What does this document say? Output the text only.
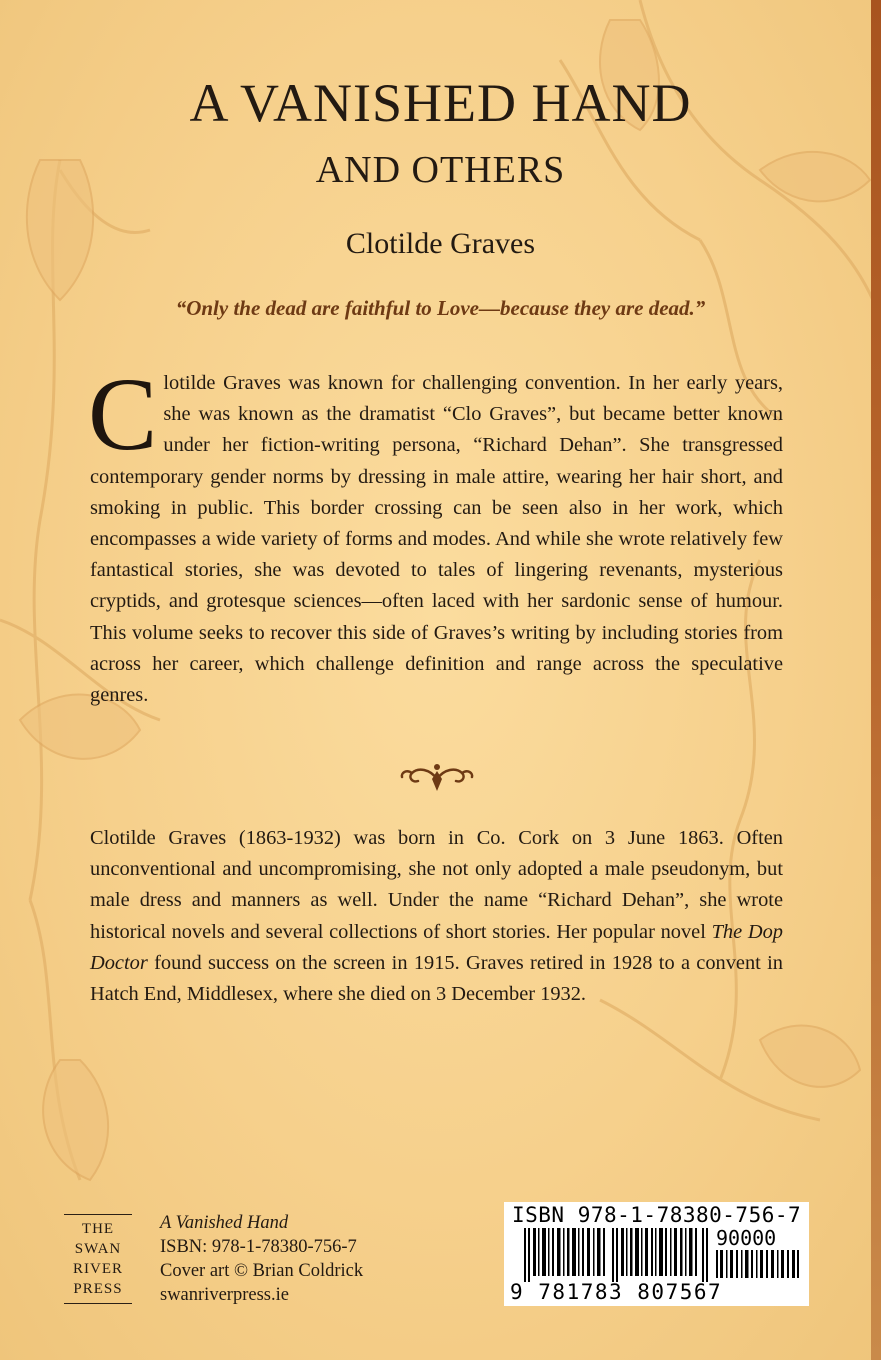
A VANISHED HAND
AND OTHERS
Clotilde Graves
“Only the dead are faithful to Love—because they are dead.”
Clotilde Graves was known for challenging convention. In her early years, she was known as the dramatist “Clo Graves”, but became better known under her fiction-writing persona, “Richard Dehan”. She transgressed contemporary gender norms by dressing in male attire, wearing her hair short, and smoking in public. This border crossing can be seen also in her work, which encompasses a wide variety of forms and modes. And while she wrote relatively few fantastical stories, she was devoted to tales of lingering revenants, mysterious cryptids, and grotesque sciences—often laced with her sardonic sense of humour. This volume seeks to recover this side of Graves’s writing by including stories from across her career, which challenge definition and range across the speculative genres.
Clotilde Graves (1863-1932) was born in Co. Cork on 3 June 1863. Often unconventional and uncompromising, she not only adopted a male pseudonym, but male dress and manners as well. Under the name “Richard Dehan”, she wrote historical novels and several collections of short stories. Her popular novel The Dop Doctor found success on the screen in 1915. Graves retired in 1928 to a convent in Hatch End, Middlesex, where she died on 3 December 1932.
THE
SWAN
RIVER
PRESS
A Vanished Hand
ISBN: 978-1-78380-756-7
Cover art © Brian Coldrick
swanriverpress.ie
ISBN 978-1-78380-756-7
90000
9 781783 807567
